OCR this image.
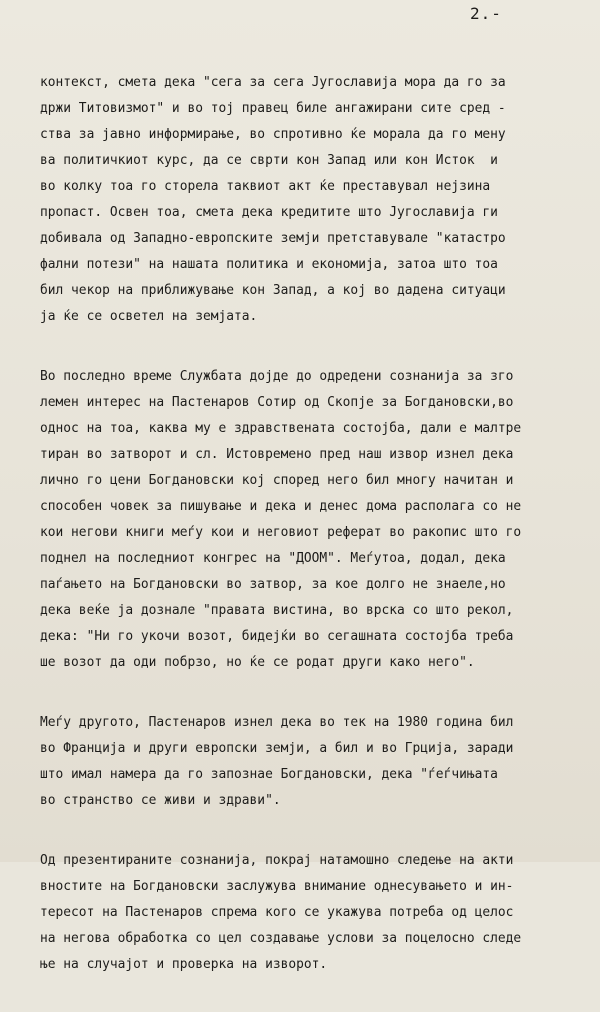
2.-
контекст, смета дека "сега за сега Југославија мора да го за
држи Титовизмот" и во тој правец биле ангажирани сите сред -
ства за јавно информирање, во спротивно ќе морала да го мену
ва политичкиот курс, да се сврти кон Запад или кон Исток  и
во колку тоа го сторела таквиот акт ќе преставувал нејзина
пропаст. Освен тоа, смета дека кредитите што Југославија ги
добивала од Западно-европските земји претставувале "катастро
фални потези" на нашата политика и економија, затоа што тоа
бил чекор на приближување кон Запад, а кој во дадена ситуаци
ја ќе се осветел на земјата.
Во последно време Службата дојде до одредени сознанија за зго
лемен интерес на Пастенаров Сотир од Скопје за Богдановски,во
однос на тоа, каква му е здравствената состојба, дали е малтре
тиран во затворот и сл. Истовремено пред наш извор изнел дека
лично го цени Богдановски кој според него бил многу начитан и
способен човек за пишување и дека и денес дома располага со не
кои негови книги меѓу кои и неговиот реферат во ракопис што го
поднел на последниот конгрес на "ДООМ". Меѓутоа, додал, дека
паѓањето на Богдановски во затвор, за кое долго не знаеле,но
дека веќе ја дознале "правата вистина, во врска со што рекол,
дека: "Ни го укочи возот, бидејќи во сегашната состојба треба
ше возот да оди побрзо, но ќе се родат други како него".
Меѓу другото, Пастенаров изнел дека во тек на 1980 година бил
во Франција и други европски земји, а бил и во Грција, заради
што имал намера да го запознае Богдановски, дека "ѓеѓчињата
во странство се живи и здрави".
Од презентираните сознанија, покрај натамошно следење на акти
вностите на Богдановски заслужува внимание однесувањето и ин-
тересот на Пастенаров спрема кого се укажува потреба од целос
на негова обработка со цел создавање услови за поцелосно следе
ње на случајот и проверка на изворот.
